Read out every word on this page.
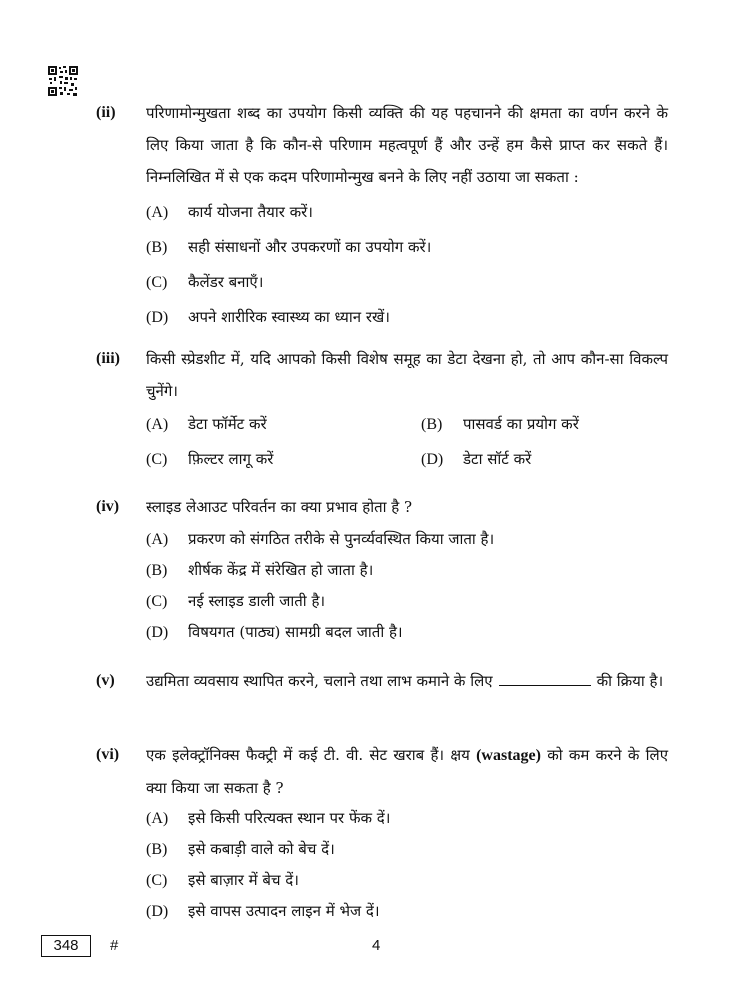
(ii) परिणामोन्मुखता शब्द का उपयोग किसी व्यक्ति की यह पहचानने की क्षमता का वर्णन करने के लिए किया जाता है कि कौन-से परिणाम महत्वपूर्ण हैं और उन्हें हम कैसे प्राप्त कर सकते हैं। निम्नलिखित में से एक कदम परिणामोन्मुख बनने के लिए नहीं उठाया जा सकता :
(A) कार्य योजना तैयार करें।
(B) सही संसाधनों और उपकरणों का उपयोग करें।
(C) कैलेंडर बनाएँ।
(D) अपने शारीरिक स्वास्थ्य का ध्यान रखें।
(iii) किसी स्प्रेडशीट में, यदि आपको किसी विशेष समूह का डेटा देखना हो, तो आप कौन-सा विकल्प चुनेंगे।
(A) डेटा फॉर्मेट करें	(B) पासवर्ड का प्रयोग करें
(C) फ़िल्टर लागू करें	(D) डेटा सॉर्ट करें
(iv) स्लाइड लेआउट परिवर्तन का क्या प्रभाव होता है ?
(A) प्रकरण को संगठित तरीके से पुनर्व्यवस्थित किया जाता है।
(B) शीर्षक केंद्र में संरेखित हो जाता है।
(C) नई स्लाइड डाली जाती है।
(D) विषयगत (पाठ्य) सामग्री बदल जाती है।
(v) उद्यमिता व्यवसाय स्थापित करने, चलाने तथा लाभ कमाने के लिए	की क्रिया है।
(vi) एक इलेक्ट्रॉनिक्स फैक्ट्री में कई टी. वी. सेट खराब हैं। क्षय (wastage) को कम करने के लिए क्या किया जा सकता है ?
(A) इसे किसी परित्यक्त स्थान पर फेंक दें।
(B) इसे कबाड़ी वाले को बेच दें।
(C) इसे बाज़ार में बेच दें।
(D) इसे वापस उत्पादन लाइन में भेज दें।
348	#	4
